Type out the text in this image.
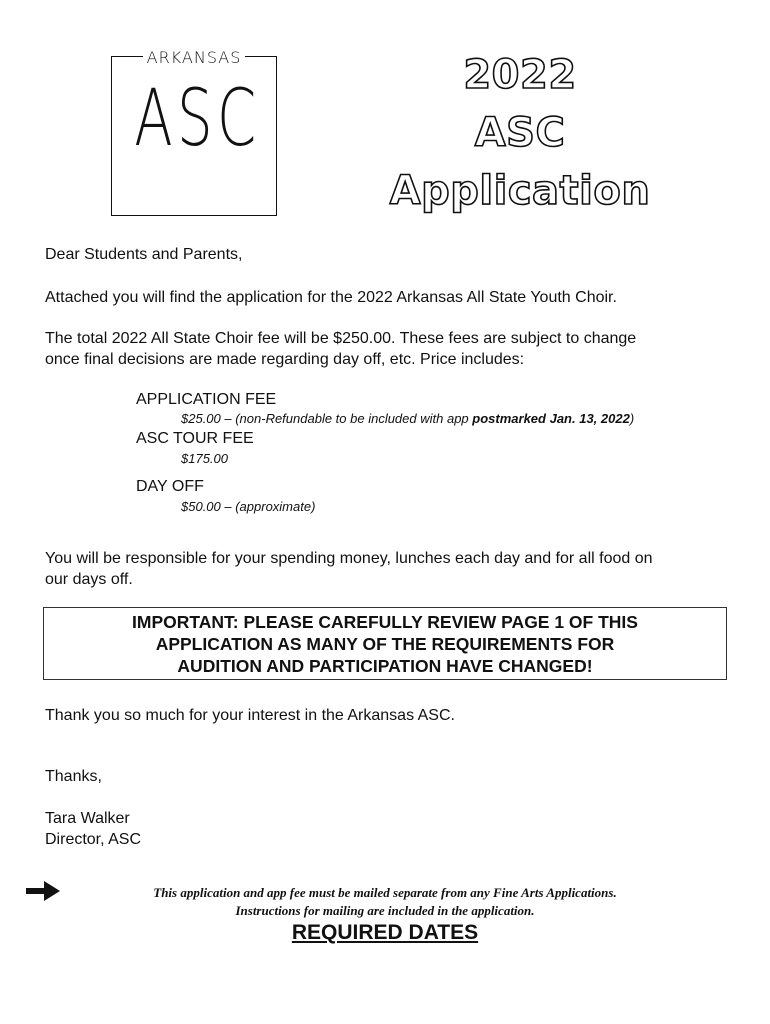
ARKANSAS
ASC	2022
ASC
Application
Dear Students and Parents,
Attached you will find the application for the 2022 Arkansas All State Youth Choir.
The total 2022 All State Choir fee will be $250.00. These fees are subject to change
once final decisions are made regarding day off, etc. Price includes:
APPLICATION FEE
$25.00 – (non-Refundable to be included with app postmarked Jan. 13, 2022)
ASC TOUR FEE
$175.00
DAY OFF
$50.00 – (approximate)
You will be responsible for your spending money, lunches each day and for all food on
our days off.
IMPORTANT: PLEASE CAREFULLY REVIEW PAGE 1 OF THIS
APPLICATION AS MANY OF THE REQUIREMENTS FOR
AUDITION AND PARTICIPATION HAVE CHANGED!
Thank you so much for your interest in the Arkansas ASC.
Thanks,
Tara Walker
Director, ASC
This application and app fee must be mailed separate from any Fine Arts Applications.
Instructions for mailing are included in the application.
REQUIRED DATES
